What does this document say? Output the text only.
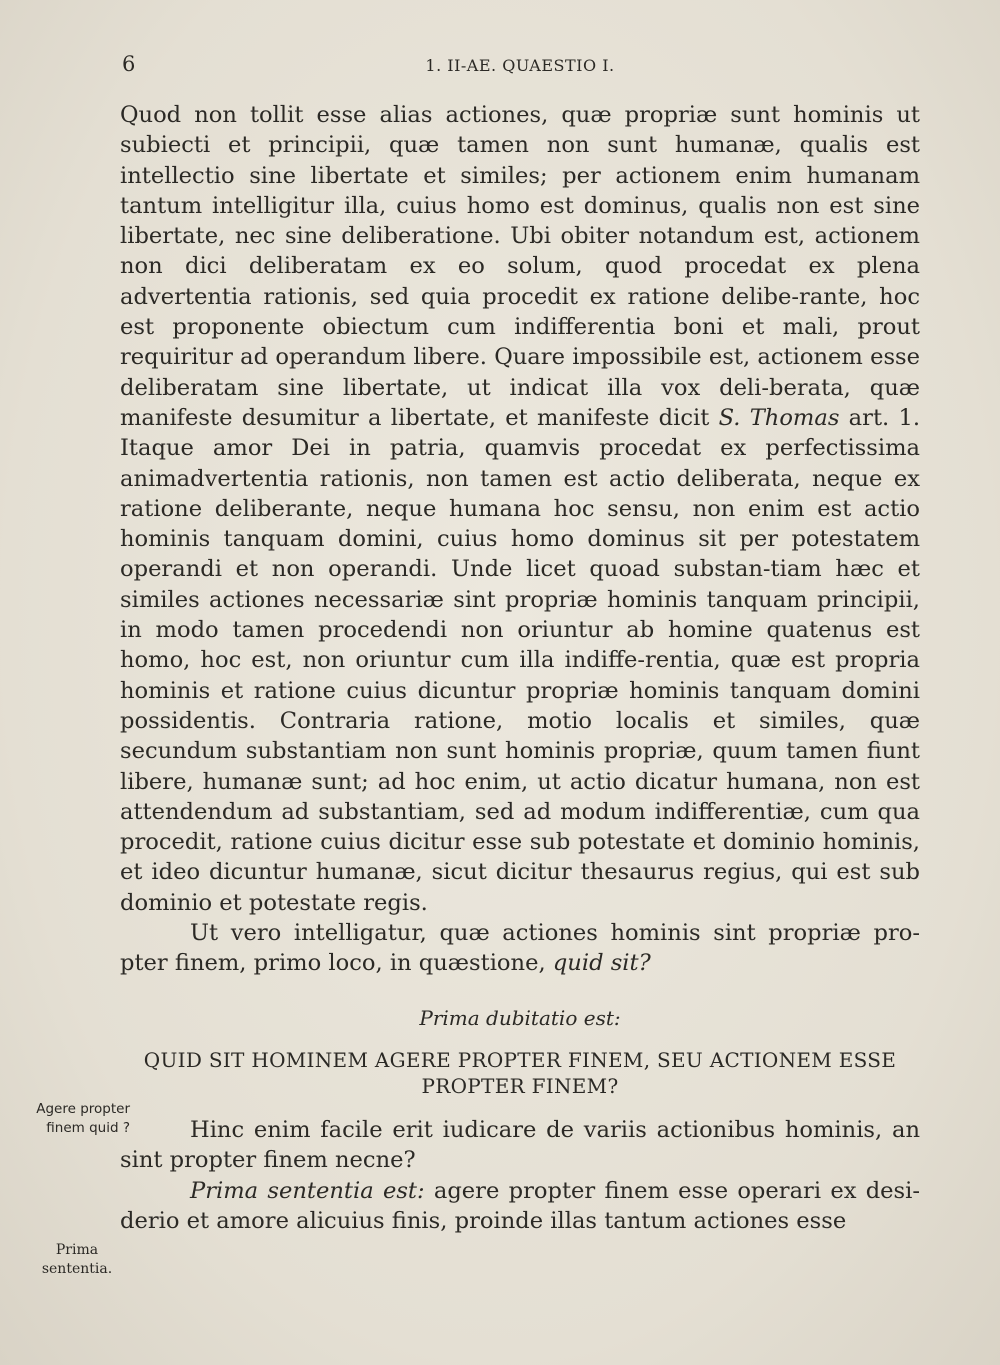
6	1. II-AE. QUAESTIO I.

Quod non tollit esse alias actiones, quæ propriæ sunt hominis ut subiecti et principii, quæ tamen non sunt humanæ, qualis est intellectio sine libertate et similes; per actionem enim humanam tantum intelligitur illa, cuius homo est dominus, qualis non est sine libertate, nec sine deliberatione. Ubi obiter notandum est, actionem non dici deliberatam ex eo solum, quod procedat ex plena advertentia rationis, sed quia procedit ex ratione delibe-rante, hoc est proponente obiectum cum indifferentia boni et mali, prout requiritur ad operandum libere. Quare impossibile est, actionem esse deliberatam sine libertate, ut indicat illa vox deli-berata, quæ manifeste desumitur a libertate, et manifeste dicit S. Thomas art. 1. Itaque amor Dei in patria, quamvis procedat ex perfectissima animadvertentia rationis, non tamen est actio deliberata, neque ex ratione deliberante, neque humana hoc sensu, non enim est actio hominis tanquam domini, cuius homo dominus sit per potestatem operandi et non operandi. Unde licet quoad substan-tiam hæc et similes actiones necessariæ sint propriæ hominis tanquam principii, in modo tamen procedendi non oriuntur ab homine quatenus est homo, hoc est, non oriuntur cum illa indiffe-rentia, quæ est propria hominis et ratione cuius dicuntur propriæ hominis tanquam domini possidentis. Contraria ratione, motio localis et similes, quæ secundum substantiam non sunt hominis propriæ, quum tamen fiunt libere, humanæ sunt; ad hoc enim, ut actio dicatur humana, non est attendendum ad substantiam, sed ad modum indifferentiæ, cum qua procedit, ratione cuius dicitur esse sub potestate et dominio hominis, et ideo dicuntur humanæ, sicut dicitur thesaurus regius, qui est sub dominio et potestate regis.

Ut vero intelligatur, quæ actiones hominis sint propriæ pro-pter finem, primo loco, in quæstione, quid sit?

Prima dubitatio est:

QUID SIT HOMINEM AGERE PROPTER FINEM, SEU ACTIONEM ESSE PROPTER FINEM?

Hinc enim facile erit iudicare de variis actionibus hominis, an sint propter finem necne?

Prima sententia est: agere propter finem esse operari ex desi-derio et amore alicuius finis, proinde illas tantum actiones esse

Agere propter finem quid ?
Prima sententia.
